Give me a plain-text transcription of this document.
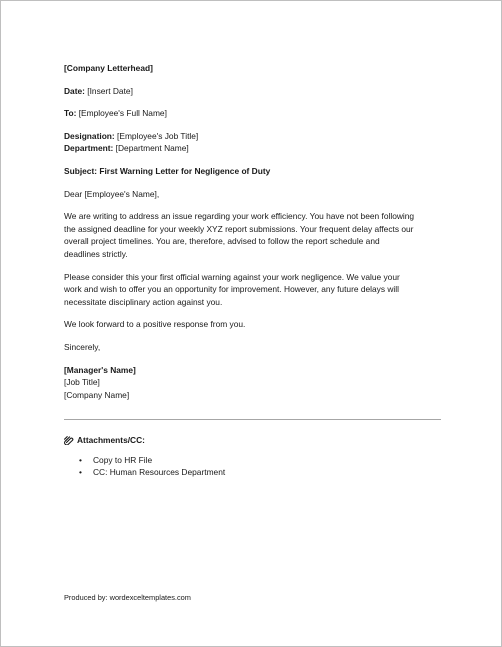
[Company Letterhead]

Date: [Insert Date]

To: [Employee's Full Name]

Designation: [Employee's Job Title]

Department: [Department Name]

Subject: First Warning Letter for Negligence of Duty

Dear [Employee's Name],

We are writing to address an issue regarding your work efficiency. You have not been following

the assigned deadline for your weekly XYZ report submissions. Your frequent delay affects our

overall project timelines. You are, therefore, advised to follow the report schedule and

deadlines strictly.

Please consider this your first official warning against your work negligence. We value your

work and wish to offer you an opportunity for improvement. However, any future delays will

necessitate disciplinary action against you.

We look forward to a positive response from you.

Sincerely,

[Manager's Name]

[Job Title]

[Company Name]

Attachments/CC:
• Copy to HR File
• CC: Human Resources Department
Produced by: wordexceltemplates.com
